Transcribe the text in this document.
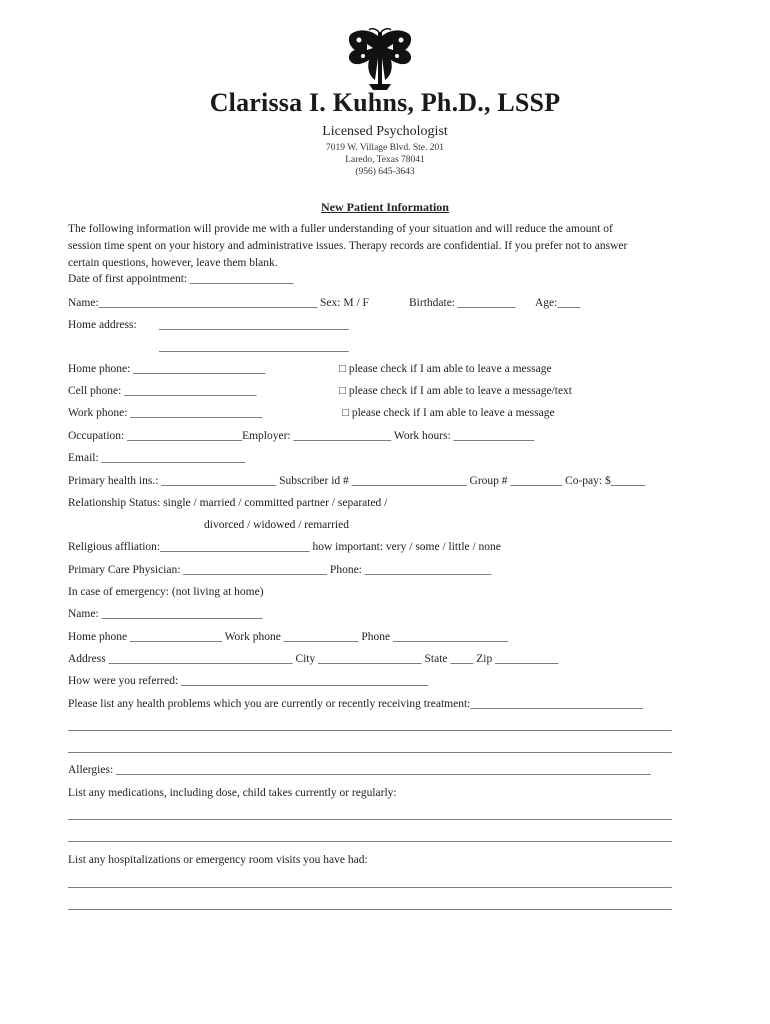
Clarissa I. Kuhns, Ph.D., LSSP
Licensed Psychologist
7019 W. Village Blvd. Ste. 201
Laredo, Texas 78041
(956) 645-3643
New Patient Information
The following information will provide me with a fuller understanding of your situation and will reduce the amount of
session time spent on your history and administrative issues. Therapy records are confidential. If you prefer not to answer
certain questions, however, leave them blank.
Date of first appointment: __________________
Name:______________________________________ Sex: M / F	Birthdate: __________ Age:____
Home address: _________________________________
_________________________________
Home phone: _______________________	□ please check if I am able to leave a message
Cell phone: _______________________	□ please check if I am able to leave a message/text
Work phone: _______________________	□ please check if I am able to leave a message
Occupation: ____________________Employer: _________________ Work hours: ______________
Email: _________________________
Primary health ins.: ____________________ Subscriber id # ____________________ Group # _________ Co-pay: $______
Relationship Status: single / married / committed partner / separated /
divorced / widowed / remarried
Religious affliation:__________________________ how important: very / some / little / none
Primary Care Physician: _________________________ Phone: ______________________
In case of emergency: (not living at home)
Name: ____________________________
Home phone ________________ Work phone _____________ Phone ____________________
Address ________________________________ City __________________ State ____ Zip ___________
How were you referred: ___________________________________________
Please list any health problems which you are currently or recently receiving treatment:______________________________
_________________________________________________________________________________________________________
_________________________________________________________________________________________________________
Allergies: _____________________________________________________________________________________________
List any medications, including dose, child takes currently or regularly:
_________________________________________________________________________________________________________
_________________________________________________________________________________________________________
List any hospitalizations or emergency room visits you have had:
_________________________________________________________________________________________________________
_________________________________________________________________________________________________________
